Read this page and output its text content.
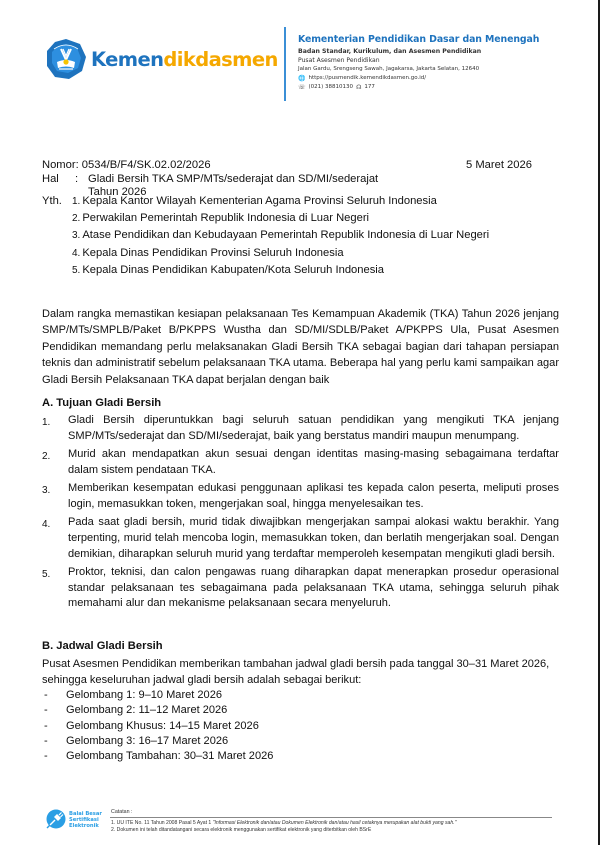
Kemendikdasmen
Kementerian Pendidikan Dasar dan Menengah
Badan Standar, Kurikulum, dan Asesmen Pendidikan
Pusat Asesmen Pendidikan
Jalan Gardu, Srengseng Sawah, Jagakarsa, Jakarta Selatan, 12640
🌐 https://pusmendik.kemendikdasmen.go.id/
☏ (021) 38810130 ☊ 177
Nomor: 0534/B/F4/SK.02.02/2026	5 Maret 2026
Hal : Gladi Bersih TKA SMP/MTs/sederajat dan SD/MI/sederajat
Tahun 2026
Yth. 1. Kepala Kantor Wilayah Kementerian Agama Provinsi Seluruh Indonesia
2. Perwakilan Pemerintah Republik Indonesia di Luar Negeri
3. Atase Pendidikan dan Kebudayaan Pemerintah Republik Indonesia di Luar Negeri
4. Kepala Dinas Pendidikan Provinsi Seluruh Indonesia
5. Kepala Dinas Pendidikan Kabupaten/Kota Seluruh Indonesia
Dalam rangka memastikan kesiapan pelaksanaan Tes Kemampuan Akademik (TKA) Tahun 2026 jenjang SMP/MTs/SMPLB/Paket B/PKPPS Wustha dan SD/MI/SDLB/Paket A/PKPPS Ula, Pusat Asesmen Pendidikan memandang perlu melaksanakan Gladi Bersih TKA sebagai bagian dari tahapan persiapan teknis dan administratif sebelum pelaksanaan TKA utama. Beberapa hal yang perlu kami sampaikan agar Gladi Bersih Pelaksanaan TKA dapat berjalan dengan baik
A. Tujuan Gladi Bersih
1.	Gladi Bersih diperuntukkan bagi seluruh satuan pendidikan yang mengikuti TKA jenjang SMP/MTs/sederajat dan SD/MI/sederajat, baik yang berstatus mandiri maupun menumpang.
2.	Murid akan mendapatkan akun sesuai dengan identitas masing-masing sebagaimana terdaftar dalam sistem pendataan TKA.
3.	Memberikan kesempatan edukasi penggunaan aplikasi tes kepada calon peserta, meliputi proses login, memasukkan token, mengerjakan soal, hingga menyelesaikan tes.
4.	Pada saat gladi bersih, murid tidak diwajibkan mengerjakan sampai alokasi waktu berakhir. Yang terpenting, murid telah mencoba login, memasukkan token, dan berlatih mengerjakan soal. Dengan demikian, diharapkan seluruh murid yang terdaftar memperoleh kesempatan mengikuti gladi bersih.
5.	Proktor, teknisi, dan calon pengawas ruang diharapkan dapat menerapkan prosedur operasional standar pelaksanaan tes sebagaimana pada pelaksanaan TKA utama, sehingga seluruh pihak memahami alur dan mekanisme pelaksanaan secara menyeluruh.
B. Jadwal Gladi Bersih
Pusat Asesmen Pendidikan memberikan tambahan jadwal gladi bersih pada tanggal 30–31 Maret 2026, sehingga keseluruhan jadwal gladi bersih adalah sebagai berikut:
-	Gelombang 1: 9–10 Maret 2026
-	Gelombang 2: 11–12 Maret 2026
-	Gelombang Khusus: 14–15 Maret 2026
-	Gelombang 3: 16–17 Maret 2026
-	Gelombang Tambahan: 30–31 Maret 2026
Balai Besar
Sertifikasi
Elektronik
Catatan :
1. UU ITE No. 11 Tahun 2008 Pasal 5 Ayat 1 "Informasi Elektronik dan/atau Dokumen Elektronik dan/atau hasil cetaknya merupakan alat bukti yang sah."
2. Dokumen ini telah ditandatangani secara elektronik menggunakan sertifikat elektronik yang diterbitkan oleh BSrE
